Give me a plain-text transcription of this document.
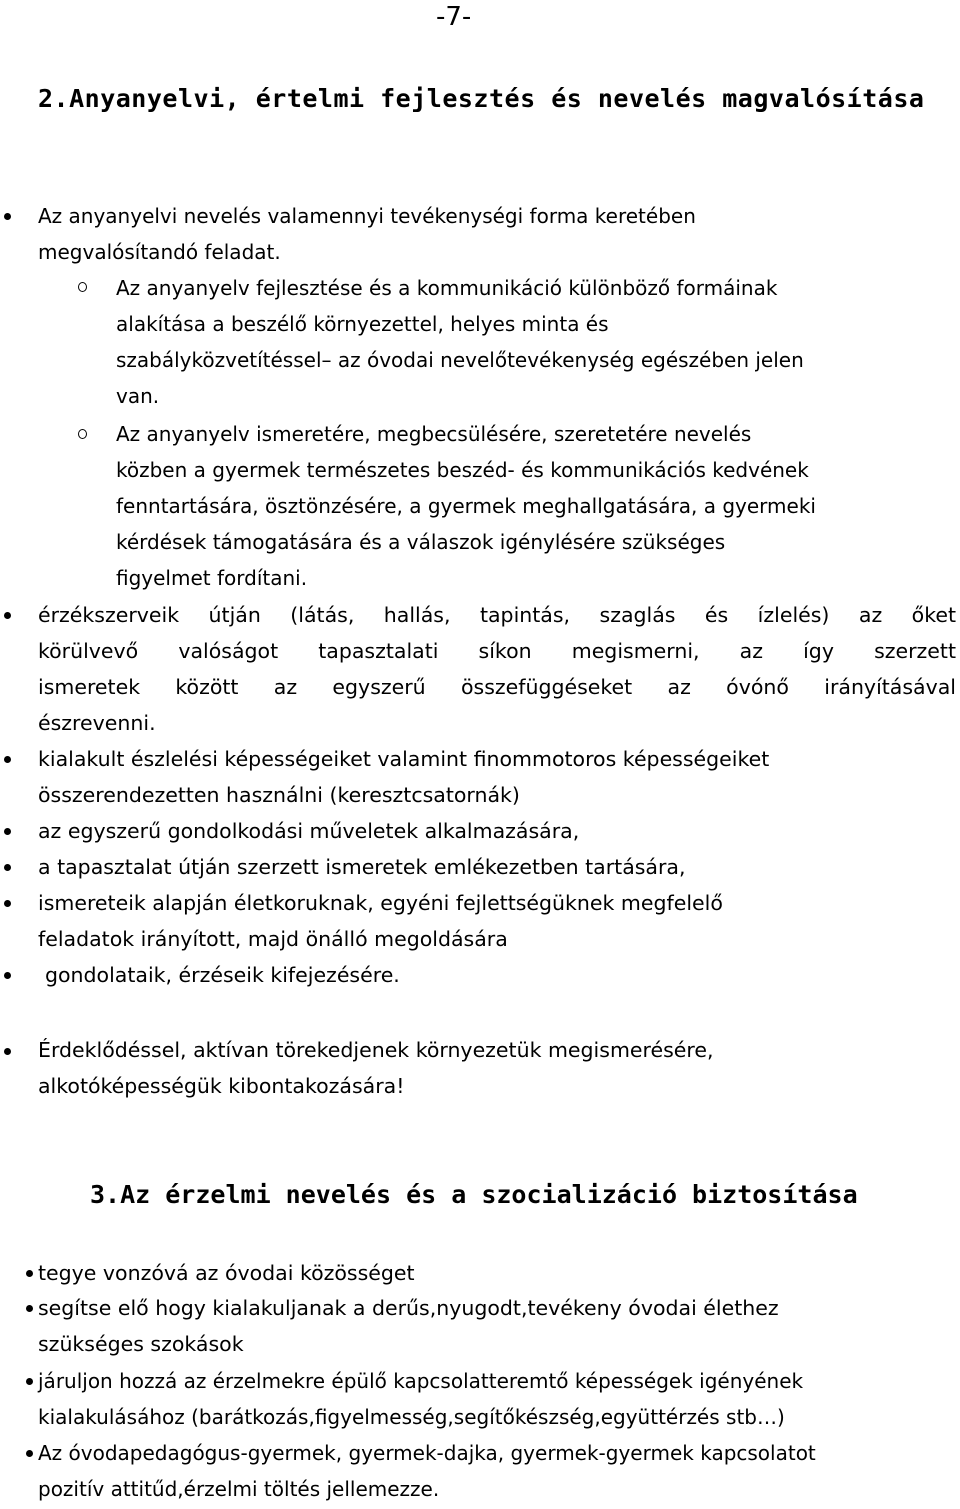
-7-
2.Anyanyelvi, értelmi fejlesztés és nevelés magvalósítása
Az anyanyelvi nevelés valamennyi tevékenységi forma keretében
megvalósítandó feladat.
Az anyanyelv fejlesztése és a kommunikáció különböző formáinak
alakítása a beszélő környezettel, helyes minta és
szabályközvetítéssel– az óvodai nevelőtevékenység egészében jelen
van.
Az anyanyelv ismeretére, megbecsülésére, szeretetére nevelés
közben a gyermek természetes beszéd- és kommunikációs kedvének
fenntartására, ösztönzésére, a gyermek meghallgatására, a gyermeki
kérdések támogatására és a válaszok igénylésére szükséges
figyelmet fordítani.
érzékszerveik útján (látás, hallás, tapintás, szaglás és ízlelés) az őket
körülvevő valóságot tapasztalati síkon megismerni, az így szerzett
ismeretek között az egyszerű összefüggéseket az óvónő irányításával
észrevenni.
kialakult észlelési képességeiket valamint finommotoros képességeiket
összerendezetten használni (keresztcsatornák)
az egyszerű gondolkodási műveletek alkalmazására,
a tapasztalat útján szerzett ismeretek emlékezetben tartására,
ismereteik alapján életkoruknak, egyéni fejlettségüknek megfelelő
feladatok irányított, majd önálló megoldására
gondolataik, érzéseik kifejezésére.
Érdeklődéssel, aktívan törekedjenek környezetük megismerésére,
alkotóképességük kibontakozására!
3.Az érzelmi nevelés és a szocializáció biztosítása
tegye vonzóvá az óvodai közösséget
segítse elő hogy kialakuljanak a derűs,nyugodt,tevékeny óvodai élethez
szükséges szokások
járuljon hozzá az érzelmekre épülő kapcsolatteremtő képességek igényének
kialakulásához (barátkozás,figyelmesség,segítőkészség,együttérzés stb…)
Az óvodapedagógus-gyermek, gyermek-dajka, gyermek-gyermek kapcsolatot
pozitív attitűd,érzelmi töltés jellemezze.
